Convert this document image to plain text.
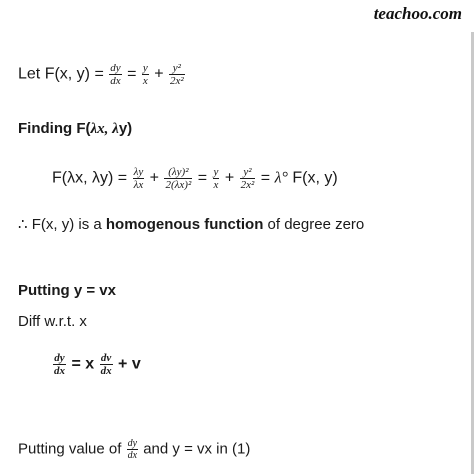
teachoo.com
Let F(x, $y) = \frac{dy}{dx} = \frac{y}{x} + \frac{\text{y²}}{\text{2x²}}$
Finding F(λx, λy)
F(λx, $\lambda y) = \frac{\lambda y}{\lambda x} + \frac{\text{(λy)²}}{\text{2(λx)²}} = \frac{y}{x} + \frac{\text{y²}}{\text{2x²}} = \lambda^\circ$ F(x, y)
∴ F(x, y) is a homogenous function of degree zero
Putting y = vx
Diff w.r.t. x
$\frac{dy}{dx} = x \frac{dv}{dx} + v$
Putting value of $\frac{dy}{dx}$ and y = vx in (1)
